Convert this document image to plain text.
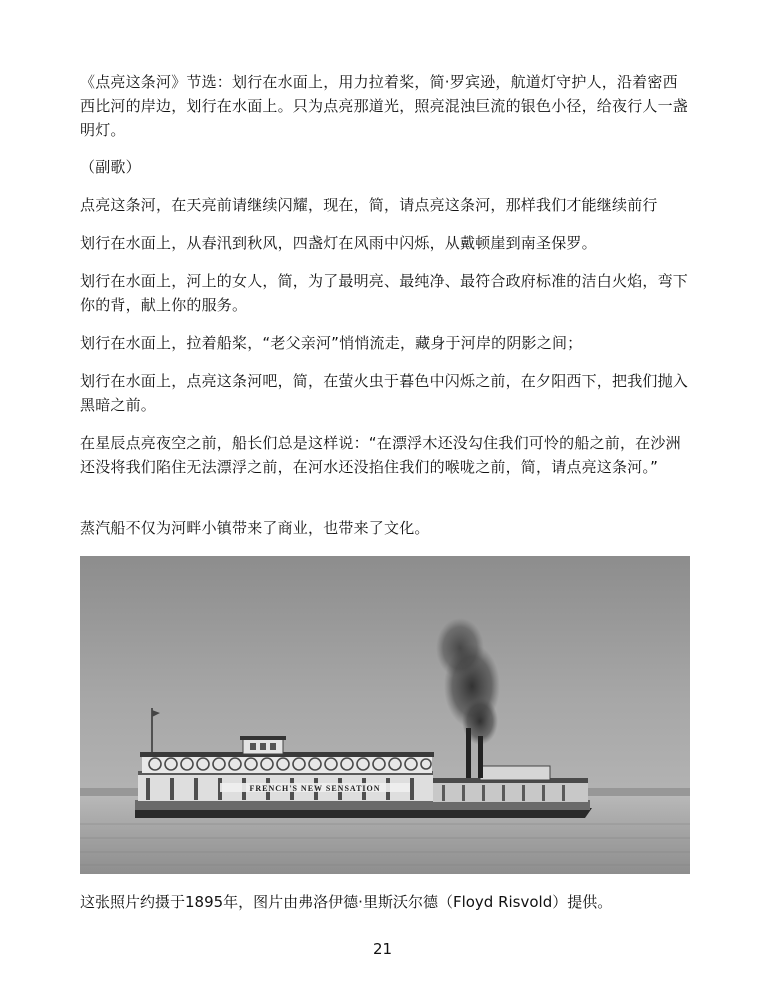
《点亮这条河》节选：划行在水面上，用力拉着桨，简·罗宾逊，航道灯守护人，沿着密西西比河的岸边，划行在水面上。只为点亮那道光，照亮混浊巨流的银色小径，给夜行人一盏明灯。

（副歌）

点亮这条河，在天亮前请继续闪耀，现在，简，请点亮这条河，那样我们才能继续前行

划行在水面上，从春汛到秋风，四盏灯在风雨中闪烁，从戴顿崖到南圣保罗。

划行在水面上，河上的女人，简，为了最明亮、最纯净、最符合政府标准的洁白火焰，弯下你的背，献上你的服务。

划行在水面上，拉着船桨，“老父亲河”悄悄流走，藏身于河岸的阴影之间；

划行在水面上，点亮这条河吧，简，在萤火虫于暮色中闪烁之前，在夕阳西下，把我们抛入黑暗之前。

在星辰点亮夜空之前，船长们总是这样说：“在漂浮木还没勾住我们可怜的船之前，在沙洲还没将我们陷住无法漂浮之前，在河水还没掐住我们的喉咙之前，简，请点亮这条河。”

蒸汽船不仅为河畔小镇带来了商业，也带来了文化。

FRENCH'S NEW SENSATION
这张照片约摄于1895年，图片由弗洛伊德·里斯沃尔德（Floyd Risvold）提供。
21
